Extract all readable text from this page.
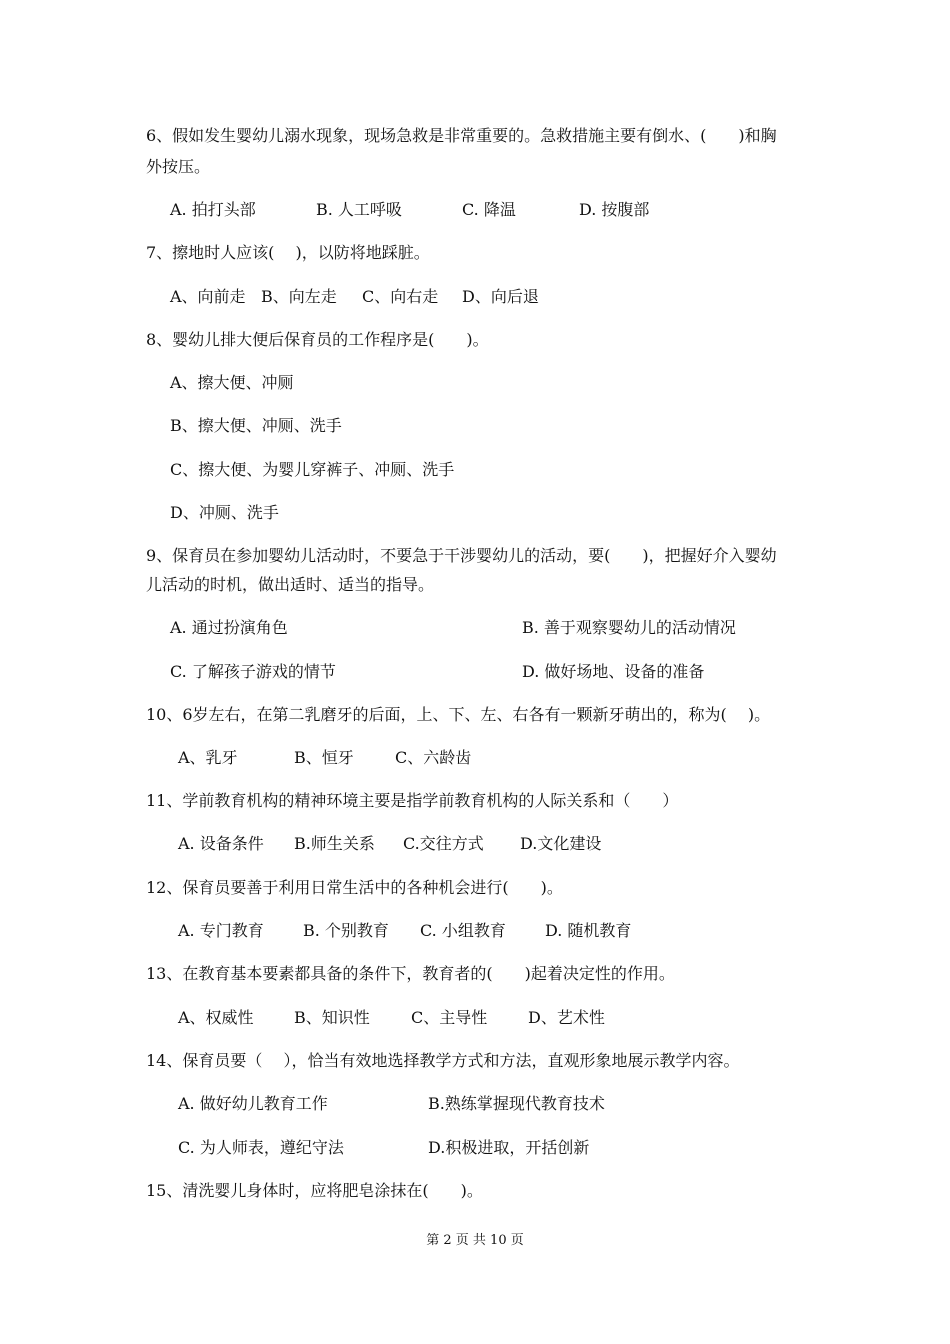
6、假如发生婴幼儿溺水现象，现场急救是非常重要的。急救措施主要有倒水、(　　)和胸
外按压。
A. 拍打头部	B. 人工呼吸	C. 降温	D. 按腹部
7、擦地时人应该(　 )，以防将地踩脏。
A、向前走 B、向左走 C、向右走 D、向后退
8、婴幼儿排大便后保育员的工作程序是(　　)。
A、擦大便、冲厕
B、擦大便、冲厕、洗手
C、擦大便、为婴儿穿裤子、冲厕、洗手
D、冲厕、洗手
9、保育员在参加婴幼儿活动时，不要急于干涉婴幼儿的活动，要(　　)，把握好介入婴幼
儿活动的时机，做出适时、适当的指导。
A. 通过扮演角色	B. 善于观察婴幼儿的活动情况
C. 了解孩子游戏的情节	D. 做好场地、设备的准备
10、6岁左右，在第二乳磨牙的后面，上、下、左、右各有一颗新牙萌出的，称为(　 )。
A、乳牙	B、恒牙	C、六龄齿
11、学前教育机构的精神环境主要是指学前教育机构的人际关系和（　　）
A. 设备条件 B.师生关系 C.交往方式 D.文化建设
12、保育员要善于利用日常生活中的各种机会进行(　　)。
A. 专门教育 B. 个别教育 C. 小组教育 D. 随机教育
13、在教育基本要素都具备的条件下，教育者的(　　)起着决定性的作用。
A、权威性	B、知识性	C、主导性	D、艺术性
14、保育员要（　 ），恰当有效地选择教学方式和方法，直观形象地展示教学内容。
A. 做好幼儿教育工作	B.熟练掌握现代教育技术
C. 为人师表，遵纪守法	D.积极进取，开括创新
15、清洗婴儿身体时，应将肥皂涂抹在(　　)。
第 2 页 共 10 页
